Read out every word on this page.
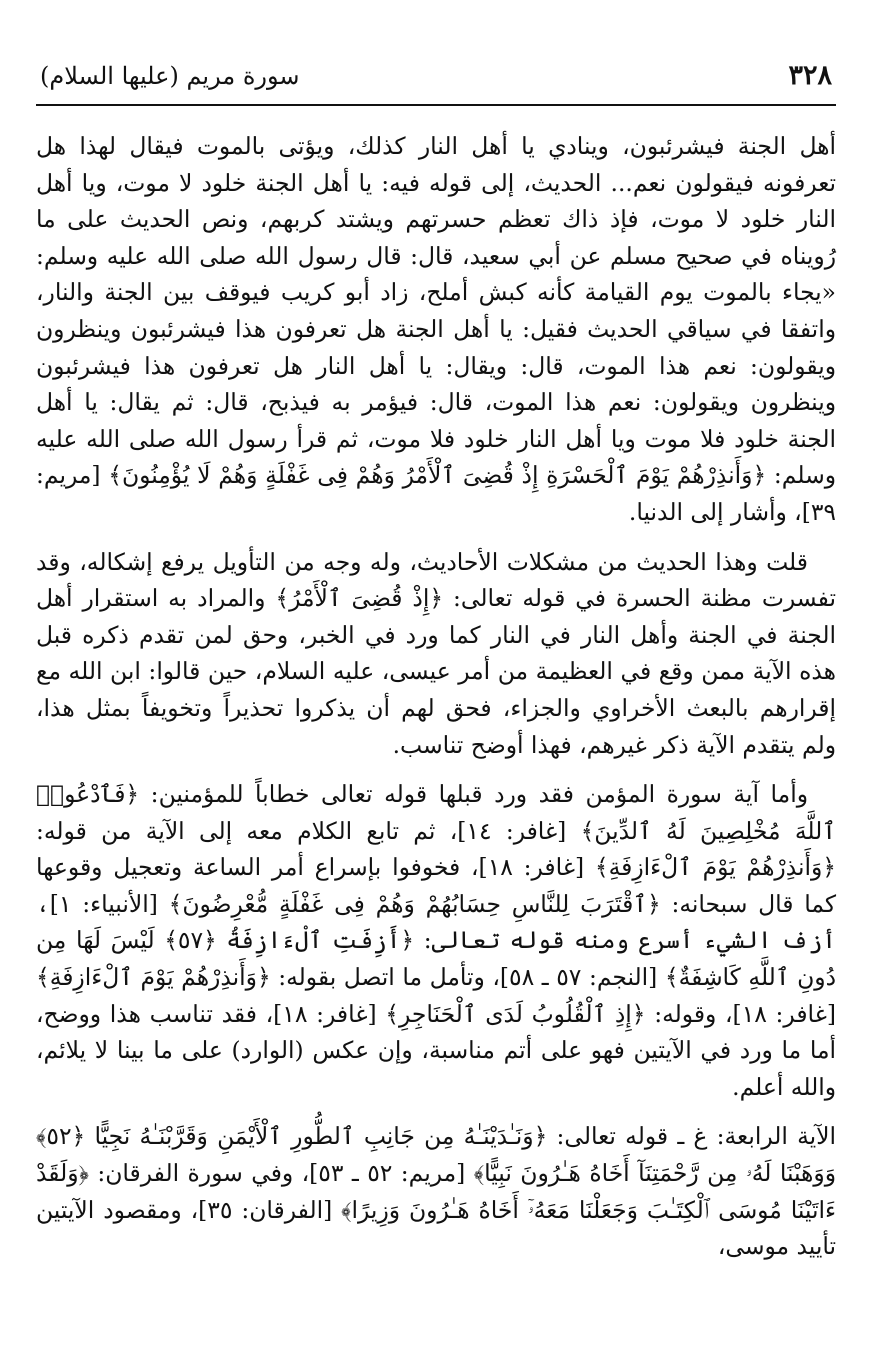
٣٢٨
سورة مريم (عليها السلام)

أهل الجنة فيشرئبون، وينادي يا أهل النار كذلك، ويؤتى بالموت فيقال لهذا هل تعرفونه فيقولون نعم... الحديث، إلى قوله فيه: يا أهل الجنة خلود لا موت، ويا أهل النار خلود لا موت، فإذ ذاك تعظم حسرتهم ويشتد كربهم، ونص الحديث على ما رُويناه في صحيح مسلم عن أبي سعيد، قال: قال رسول الله صلى الله عليه وسلم: «يجاء بالموت يوم القيامة كأنه كبش أملح، زاد أبو كريب فيوقف بين الجنة والنار، واتفقا في سياقي الحديث فقيل: يا أهل الجنة هل تعرفون هذا فيشرئبون وينظرون ويقولون: نعم هذا الموت، قال: ويقال: يا أهل النار هل تعرفون هذا فيشرئبون وينظرون ويقولون: نعم هذا الموت، قال: فيؤمر به فيذبح، قال: ثم يقال: يا أهل الجنة خلود فلا موت ويا أهل النار خلود فلا موت، ثم قرأ رسول الله صلى الله عليه وسلم: ﴿وَأَنذِرْهُمْ يَوْمَ ٱلْحَسْرَةِ إِذْ قُضِىَ ٱلْأَمْرُ وَهُمْ فِى غَفْلَةٍ وَهُمْ لَا يُؤْمِنُونَ﴾ [مريم: ٣٩]، وأشار إلى الدنيا.

قلت وهذا الحديث من مشكلات الأحاديث، وله وجه من التأويل يرفع إشكاله، وقد تفسرت مظنة الحسرة في قوله تعالى: ﴿إِذْ قُضِىَ ٱلْأَمْرُ﴾ والمراد به استقرار أهل الجنة في الجنة وأهل النار في النار كما ورد في الخبر، وحق لمن تقدم ذكره قبل هذه الآية ممن وقع في العظيمة من أمر عيسى، عليه السلام، حين قالوا: ابن الله مع إقرارهم بالبعث الأخراوي والجزاء، فحق لهم أن يذكروا تحذيراً وتخويفاً بمثل هذا، ولم يتقدم الآية ذكر غيرهم، فهذا أوضح تناسب.

وأما آية سورة المؤمن فقد ورد قبلها قوله تعالى خطاباً للمؤمنين: ﴿فَٱدْعُوا۟ ٱللَّهَ مُخْلِصِينَ لَهُ ٱلدِّينَ﴾ [غافر: ١٤]، ثم تابع الكلام معه إلى الآية من قوله: ﴿وَأَنذِرْهُمْ يَوْمَ ٱلْءَازِفَةِ﴾ [غافر: ١٨]، فخوفوا بإسراع أمر الساعة وتعجيل وقوعها كما قال سبحانه: ﴿ٱقْتَرَبَ لِلنَّاسِ حِسَابُهُمْ وَهُمْ فِى غَفْلَةٍ مُّعْرِضُونَ﴾ [الأنبياء: ١]، أزف الشيء أسرع ومنه قوله تعالى: ﴿أَزِفَتِ ٱلْءَازِفَةُ ﴿٥٧﴾ لَيْسَ لَهَا مِن دُونِ ٱللَّهِ كَاشِفَةٌ﴾ [النجم: ٥٧ ـ ٥٨]، وتأمل ما اتصل بقوله: ﴿وَأَنذِرْهُمْ يَوْمَ ٱلْءَازِفَةِ﴾ [غافر: ١٨]، وقوله: ﴿إِذِ ٱلْقُلُوبُ لَدَى ٱلْحَنَاجِرِ﴾ [غافر: ١٨]، فقد تناسب هذا ووضح، أما ما ورد في الآيتين فهو على أتم مناسبة، وإن عكس (الوارد) على ما بينا لا يلائم، والله أعلم.

الآية الرابعة: غ ـ قوله تعالى: ﴿وَنَـٰدَيْنَـٰهُ مِن جَانِبِ ٱلطُّورِ ٱلْأَيْمَنِ وَقَرَّبْنَـٰهُ نَجِيًّا ﴿٥٢﴾ وَوَهَبْنَا لَهُۥ مِن رَّحْمَتِنَآ أَخَاهُ هَـٰرُونَ نَبِيًّا﴾ [مريم: ٥٢ ـ ٥٣]، وفي سورة الفرقان: ﴿وَلَقَدْ ءَاتَيْنَا مُوسَى ٱلْكِتَـٰبَ وَجَعَلْنَا مَعَهُۥٓ أَخَاهُ هَـٰرُونَ وَزِيرًا﴾ [الفرقان: ٣٥]، ومقصود الآيتين تأييد موسى،
